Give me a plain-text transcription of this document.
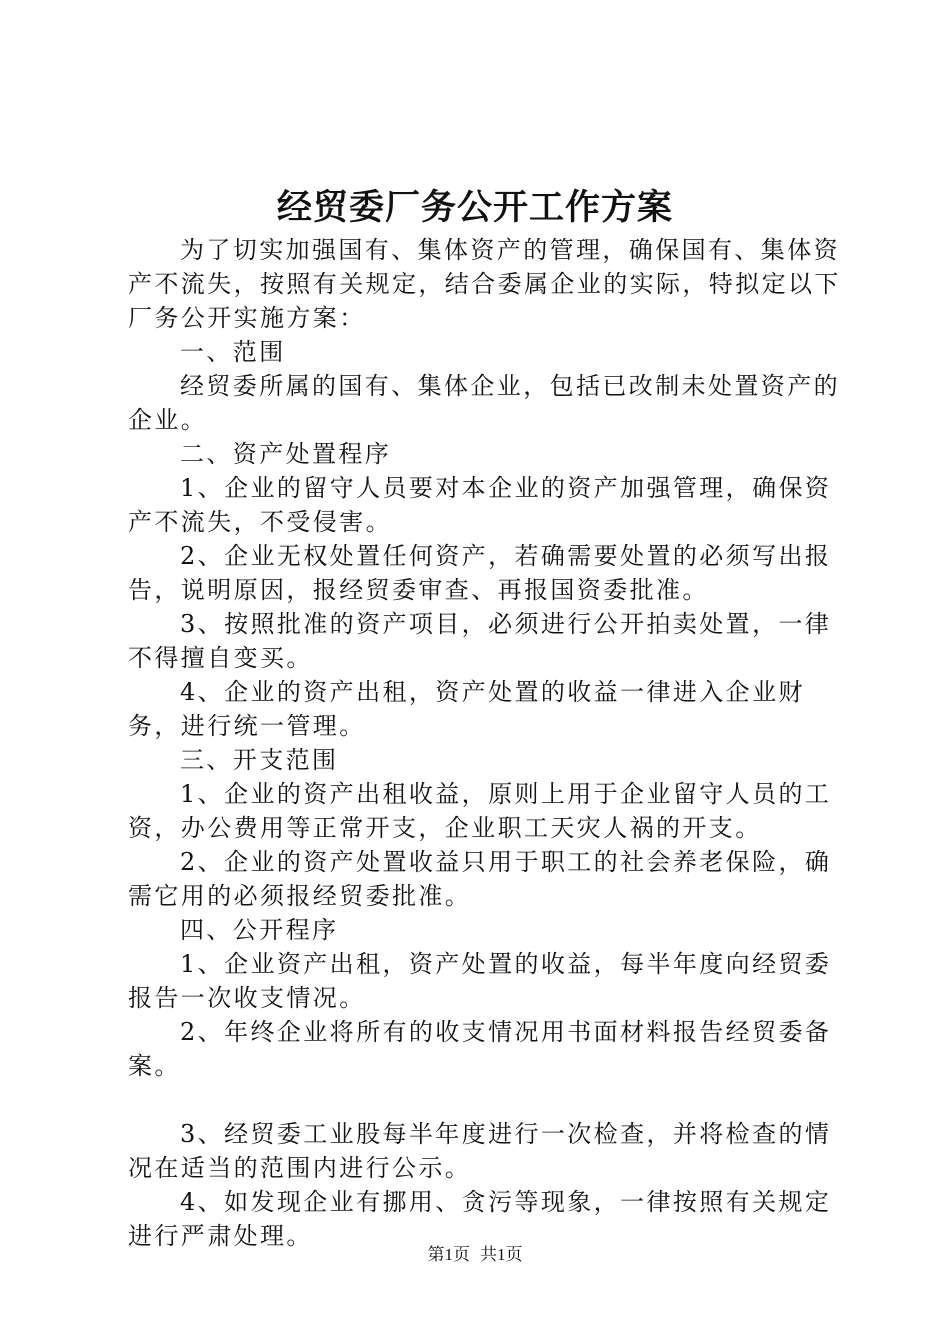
经贸委厂务公开工作方案

为了切实加强国有、集体资产的管理，确保国有、集体资产不流失，按照有关规定，结合委属企业的实际，特拟定以下厂务公开实施方案：

一、范围

经贸委所属的国有、集体企业，包括已改制未处置资产的企业。

二、资产处置程序

1、企业的留守人员要对本企业的资产加强管理，确保资产不流失，不受侵害。

2、企业无权处置任何资产，若确需要处置的必须写出报告，说明原因，报经贸委审查、再报国资委批准。

3、按照批准的资产项目，必须进行公开拍卖处置，一律不得擅自变买。

4、企业的资产出租，资产处置的收益一律进入企业财务，进行统一管理。

三、开支范围

1、企业的资产出租收益，原则上用于企业留守人员的工资，办公费用等正常开支，企业职工天灾人祸的开支。

2、企业的资产处置收益只用于职工的社会养老保险，确需它用的必须报经贸委批准。

四、公开程序

1、企业资产出租，资产处置的收益，每半年度向经贸委报告一次收支情况。

2、年终企业将所有的收支情况用书面材料报告经贸委备案。

3、经贸委工业股每半年度进行一次检查，并将检查的情况在适当的范围内进行公示。

4、如发现企业有挪用、贪污等现象，一律按照有关规定进行严肃处理。

第1页 共1页
